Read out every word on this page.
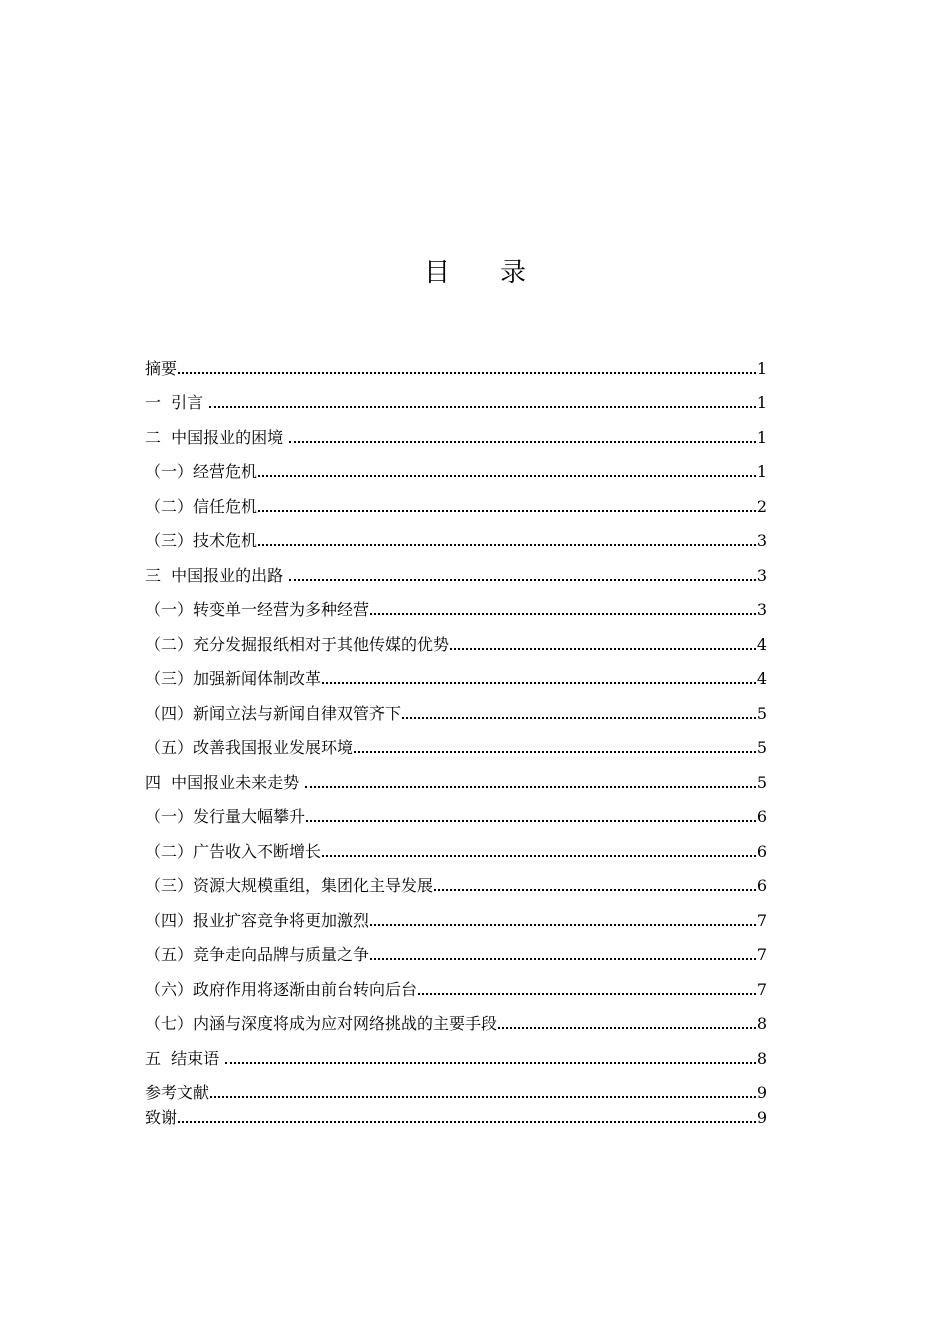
目录
摘要	1
一  引言	1
二  中国报业的困境	1
（一）经营危机	1
（二）信任危机	2
（三）技术危机	3
三  中国报业的出路	3
（一）转变单一经营为多种经营	3
（二）充分发掘报纸相对于其他传媒的优势	4
（三）加强新闻体制改革	4
（四）新闻立法与新闻自律双管齐下	5
（五）改善我国报业发展环境	5
四  中国报业未来走势	5
（一）发行量大幅攀升	6
（二）广告收入不断增长	6
（三）资源大规模重组，集团化主导发展	6
（四）报业扩容竞争将更加激烈	7
（五）竞争走向品牌与质量之争	7
（六）政府作用将逐渐由前台转向后台	7
（七）内涵与深度将成为应对网络挑战的主要手段	8
五  结束语	8
参考文献	9
致谢	9
